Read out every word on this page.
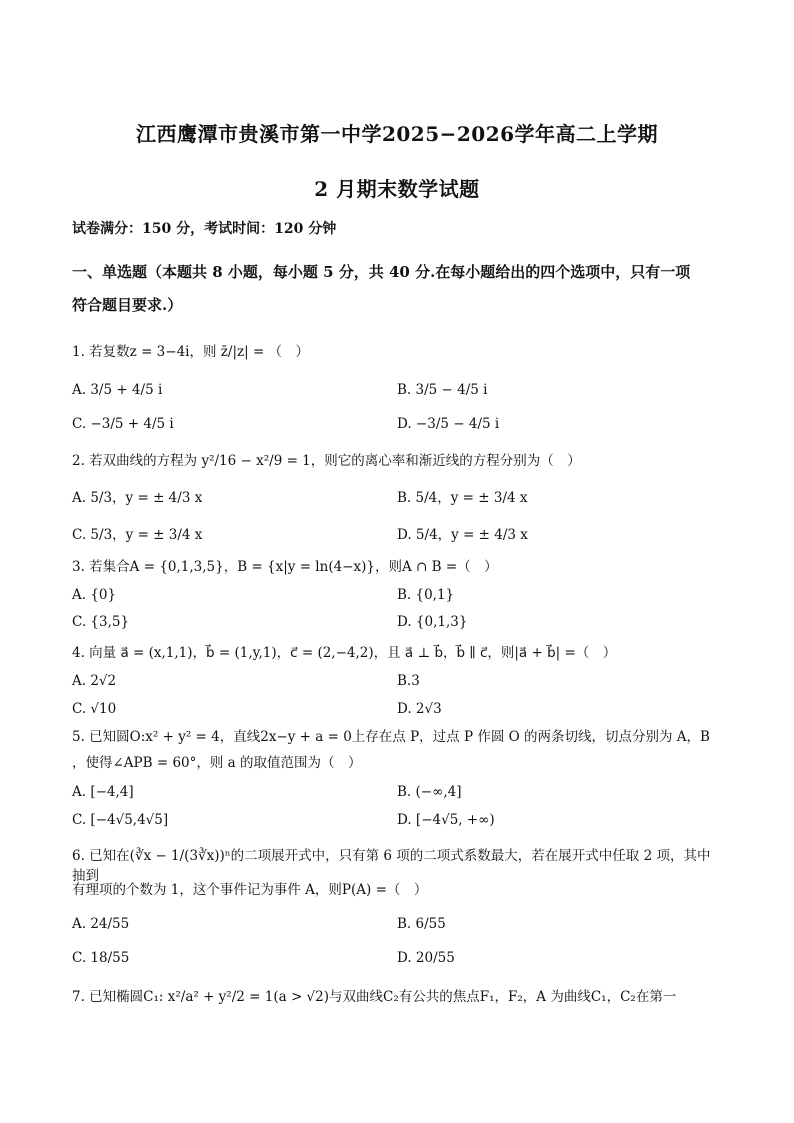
江西鹰潭市贵溪市第一中学2025−2026学年高二上学期
2 月期末数学试题
试卷满分：150 分，考试时间：120 分钟
一、单选题（本题共 8 小题，每小题 5 分，共 40 分.在每小题给出的四个选项中，只有一项
符合题目要求.）
1. 若复数z = 3−4i，则 z̄/|z| = （　）
A. 3/5 + 4/5 i	B. 3/5 − 4/5 i
C. −3/5 + 4/5 i	D. −3/5 − 4/5 i
2. 若双曲线的方程为 y²/16 − x²/9 = 1，则它的离心率和渐近线的方程分别为（　）
A. 5/3，y = ± 4/3 x	B. 5/4，y = ± 3/4 x
C. 5/3，y = ± 3/4 x	D. 5/4，y = ± 4/3 x
3. 若集合A = {0,1,3,5}，B = {x|y = ln(4−x)}，则A ∩ B =（　）
A. {0}	B. {0,1}
C. {3,5}	D. {0,1,3}
4. 向量 a⃗ = (x,1,1)，b⃗ = (1,y,1)，c⃗ = (2,−4,2)，且 a⃗ ⊥ b⃗，b⃗ ∥ c⃗，则|a⃗ + b⃗| =（　）
A. 2√2	B.3
C. √10	D. 2√3
5. 已知圆O:x² + y² = 4，直线2x−y + a = 0上存在点 P，过点 P 作圆 O 的两条切线，切点分别为 A，B
，使得∠APB = 60°，则 a 的取值范围为（　）
A. [−4,4]	B. (−∞,4]
C. [−4√5,4√5]	D. [−4√5, +∞)
6. 已知在(∛x − 1/(3∛x))ⁿ的二项展开式中，只有第 6 项的二项式系数最大，若在展开式中任取 2 项，其中抽到
有理项的个数为 1，这个事件记为事件 A，则P(A) =（　）
A. 24/55	B. 6/55
C. 18/55	D. 20/55
7. 已知椭圆C₁: x²/a² + y²/2 = 1(a > √2)与双曲线C₂有公共的焦点F₁，F₂，A 为曲线C₁，C₂在第一
